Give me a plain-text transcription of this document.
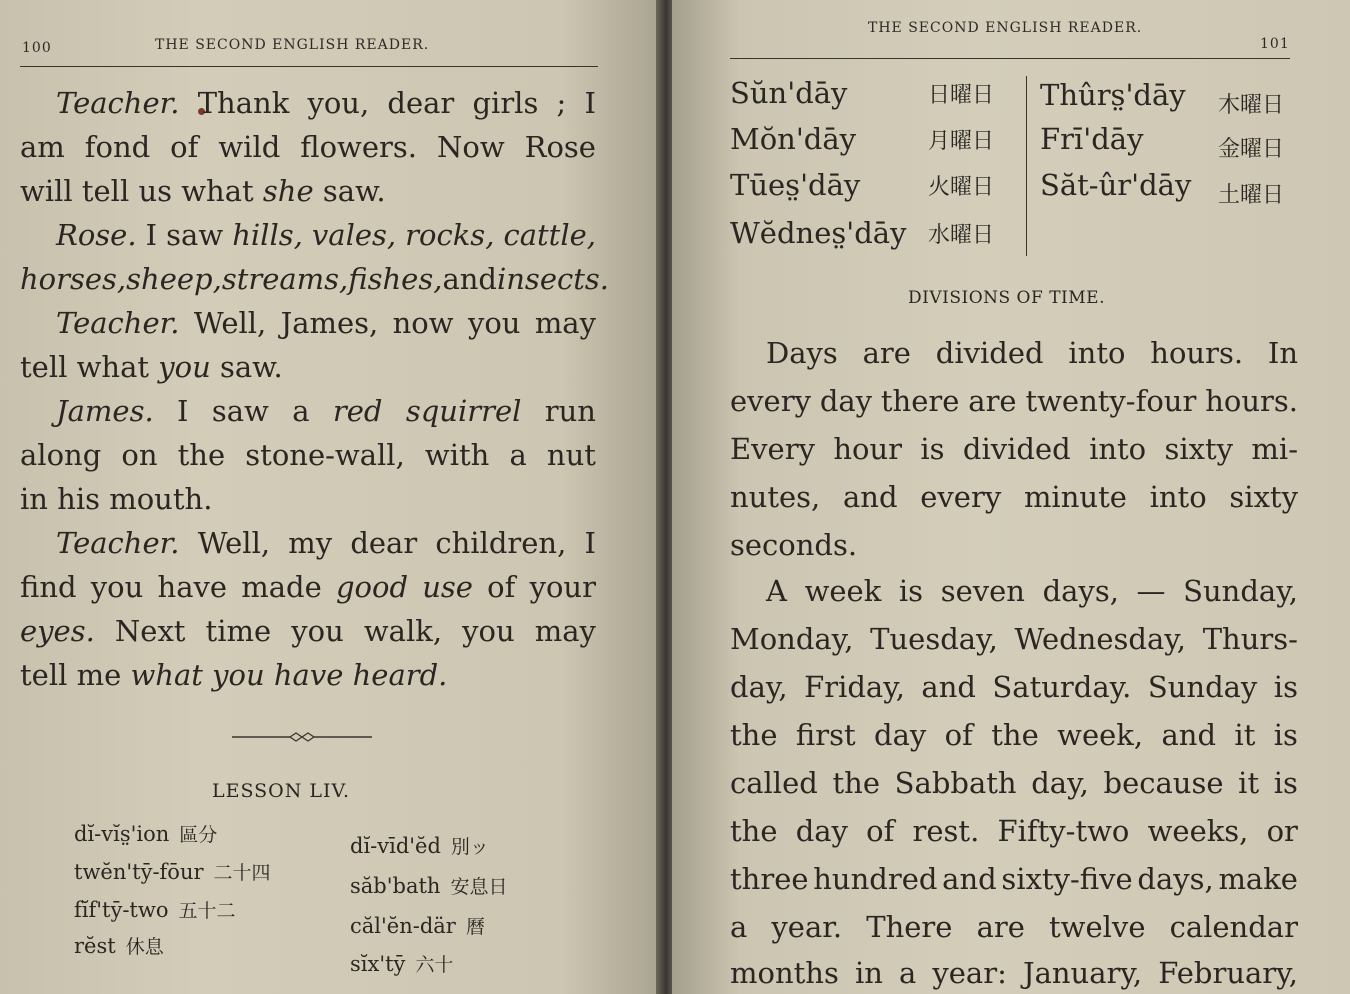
100	THE SECOND ENGLISH READER.
Teacher. Thank you, dear girls ; I
am fond of wild flowers. Now Rose
will tell us what she saw.
Rose. I saw hills, vales, rocks, cattle,
horses, sheep, streams, fishes, and insects.
Teacher. Well, James, now you may
tell what you saw.
James. I saw a red squirrel run
along on the stone-wall, with a nut
in his mouth.
Teacher. Well, my dear children, I
find you have made good use of your
eyes. Next time you walk, you may
tell me what you have heard.
LESSON LIV.
dĭ-vĭs̤'ion 區分
twĕn'tȳ-fōur 二十四
fĭf'tȳ-two 五十二
rĕst 休息
dĭ-vīd'ĕd 別ッ
săb'bath 安息日
căl'ĕn-där 曆
sĭx'tȳ 六十
THE SECOND ENGLISH READER.
101
Sŭn'dāy	日曜日
Mŏn'dāy	月曜日
Tūes̤'dāy	火曜日
Wĕdnes̤'dāy 水曜日
Thûrs̤'dāy 木曜日
Frī'dāy	金曜日
Săt-ûr'dāy 土曜日
DIVISIONS OF TIME.
Days are divided into hours. In
every day there are twenty-four hours.
Every hour is divided into sixty mi-
nutes, and every minute into sixty
seconds.
A week is seven days, — Sunday,
Monday, Tuesday, Wednesday, Thurs-
day, Friday, and Saturday. Sunday is
the first day of the week, and it is
called the Sabbath day, because it is
the day of rest. Fifty-two weeks, or
three hundred and sixty-five days, make
a year. There are twelve calendar
months in a year: January, February,
